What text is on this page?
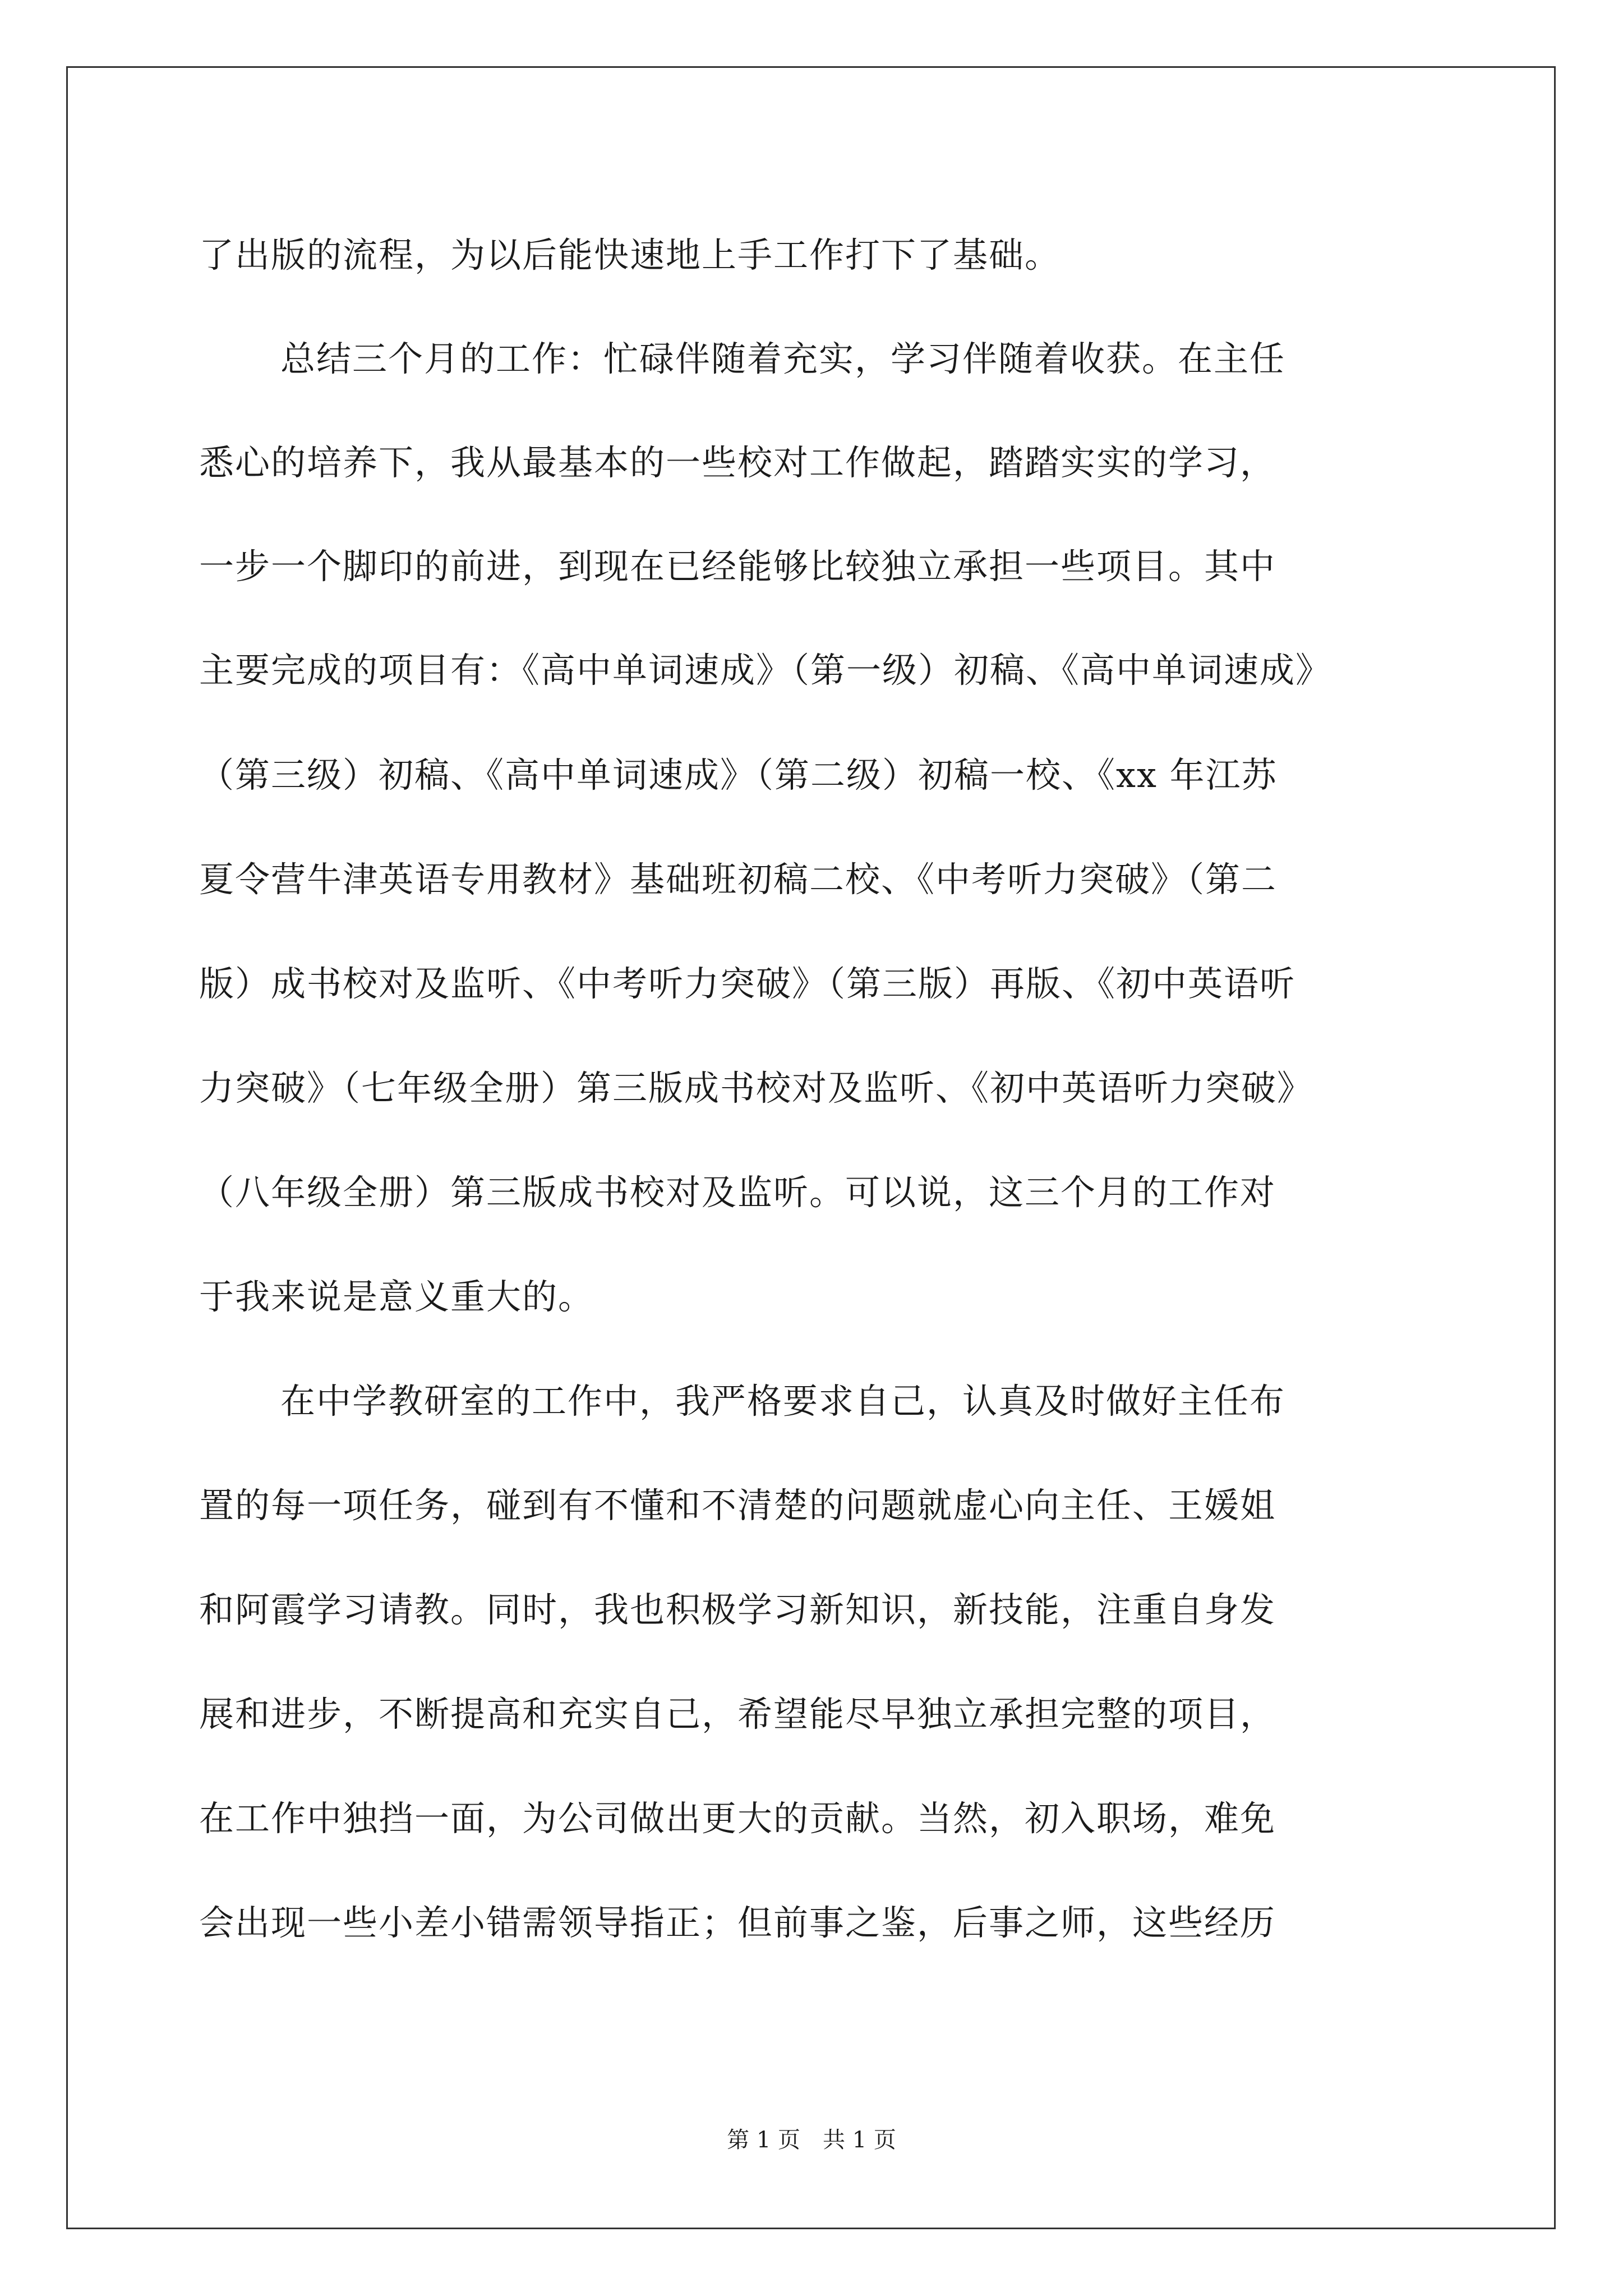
了出版的流程，为以后能快速地上手工作打下了基础。
总结三个月的工作：忙碌伴随着充实，学习伴随着收获。在主任
悉心的培养下，我从最基本的一些校对工作做起，踏踏实实的学习，
一步一个脚印的前进，到现在已经能够比较独立承担一些项目。其中
主要完成的项目有：《高中单词速成》（第一级）初稿、《高中单词速成》
（第三级）初稿、《高中单词速成》（第二级）初稿一校、《xx 年江苏
夏令营牛津英语专用教材》基础班初稿二校、《中考听力突破》（第二
版）成书校对及监听、《中考听力突破》（第三版）再版、《初中英语听
力突破》（七年级全册）第三版成书校对及监听、《初中英语听力突破》
（八年级全册）第三版成书校对及监听。可以说，这三个月的工作对
于我来说是意义重大的。
在中学教研室的工作中，我严格要求自己，认真及时做好主任布
置的每一项任务，碰到有不懂和不清楚的问题就虚心向主任、王媛姐
和阿霞学习请教。同时，我也积极学习新知识，新技能，注重自身发
展和进步，不断提高和充实自己，希望能尽早独立承担完整的项目，
在工作中独挡一面，为公司做出更大的贡献。当然，初入职场，难免
会出现一些小差小错需领导指正；但前事之鉴，后事之师，这些经历
第 1 页　共 1 页
